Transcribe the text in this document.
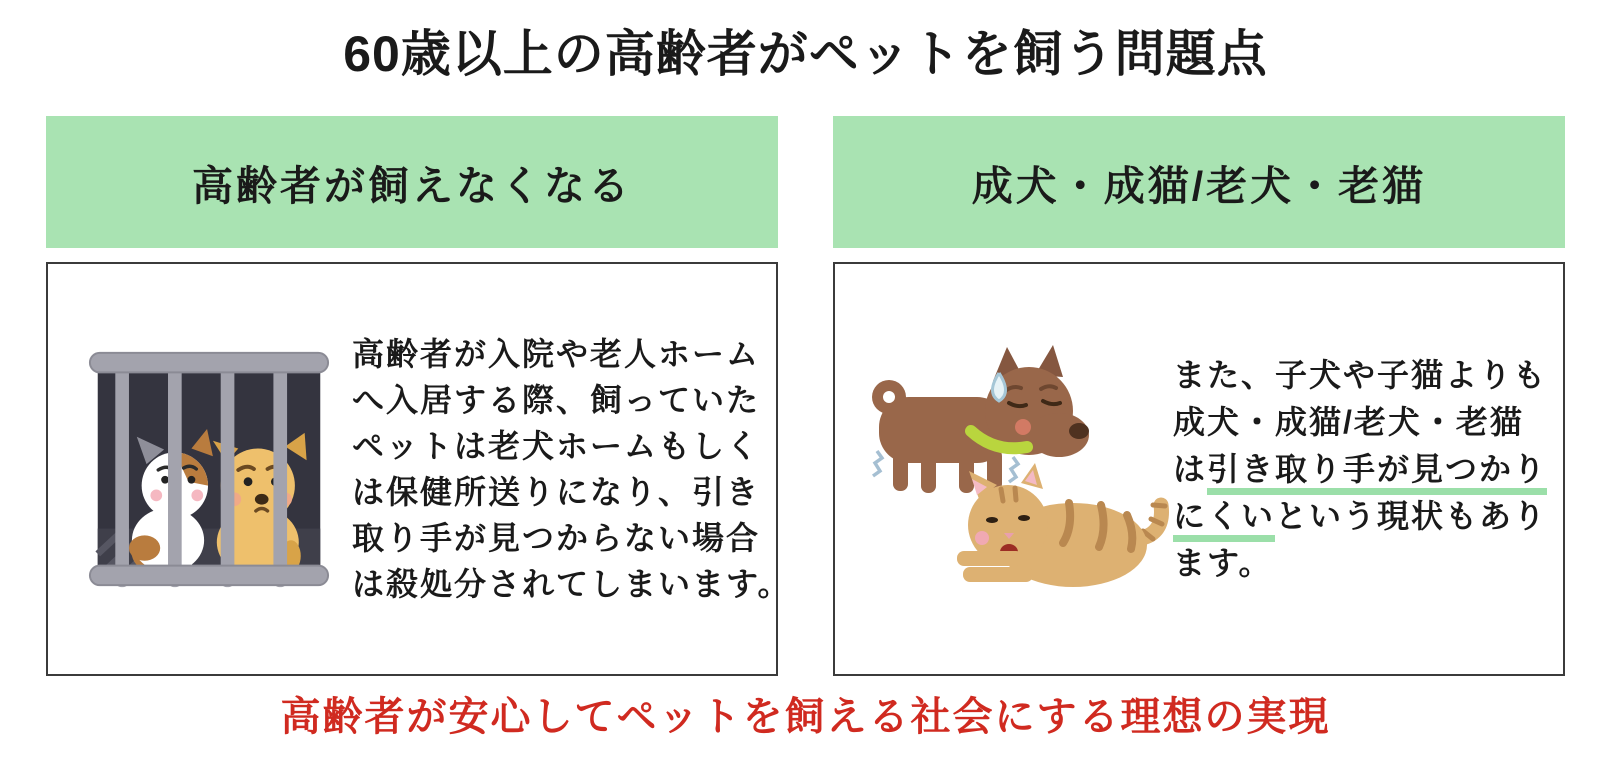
60歳以上の高齢者がペットを飼う問題点
高齢者が飼えなくなる
高齢者が入院や老人ホーム
へ入居する際、飼っていた
ペットは老犬ホームもしく
は保健所送りになり、引き
取り手が見つからない場合
は殺処分されてしまいます。
成犬・成猫/老犬・老猫
また、子犬や子猫よりも
成犬・成猫/老犬・老猫
は引き取り手が見つかり
にくいという現状もあり
ます。
高齢者が安心してペットを飼える社会にする理想の実現
